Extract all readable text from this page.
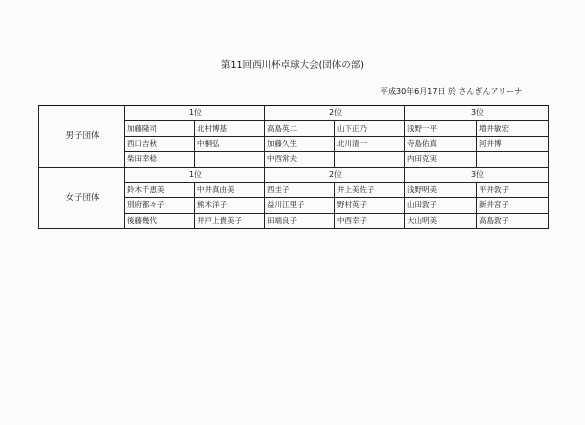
第11回西川杯卓球大会(団体の部)
平成30年6月17日 於 さんぎんアリーナ
男子団体	1位		2位		3位	
	加藤隆司	北村博基	高島英二	山下正乃	浅野一平	増井敏宏
	西口吉秋	中桐弘	加藤久生	北川清一	寺島佑真	河井博
	柴田幸稔		中西常夫		内田克実	
女子団体	1位		2位		3位	
	鈴木千恵美	中井真由美	西圭子	井上美佐子	浅野明美	平井敦子
	別府都々子	熊木洋子	益川江里子	野村英子	山田敦子	新井宮子
	後藤幾代	井戸上貴美子	田端良子	中西幸子	大山明美	高島敦子
